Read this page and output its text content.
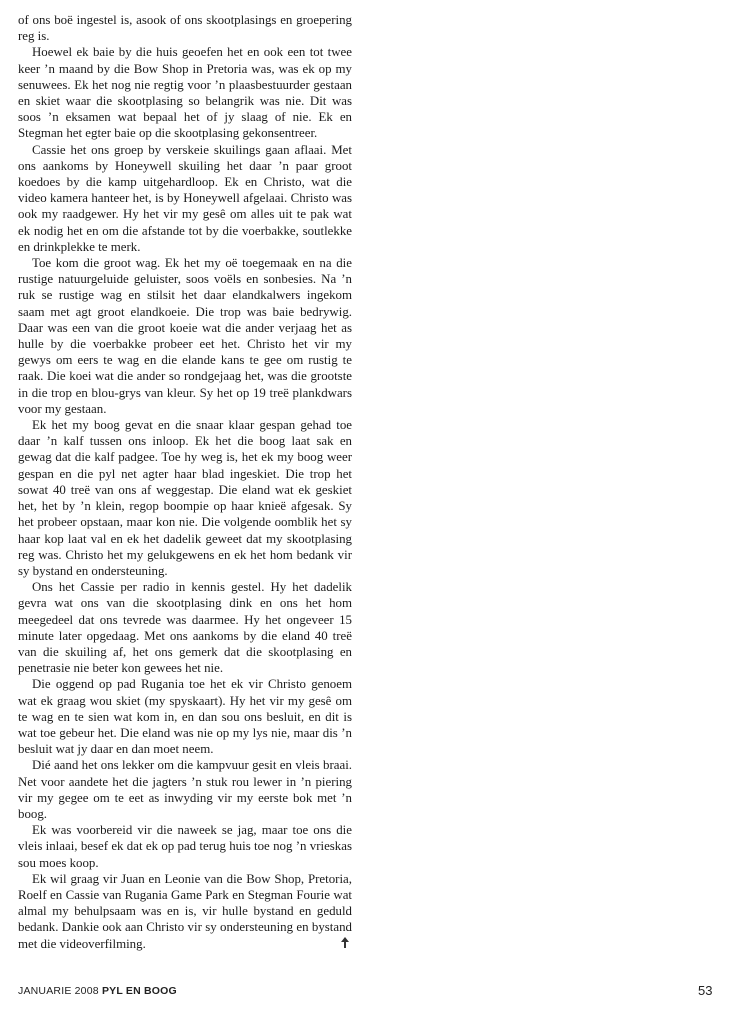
of ons boë ingestel is, asook of ons skootplasings en groepering reg is.

Hoewel ek baie by die huis geoefen het en ook een tot twee keer ’n maand by die Bow Shop in Pretoria was, was ek op my senuwees. Ek het nog nie regtig voor ’n plaasbestuurder gestaan en skiet waar die skootplasing so belangrik was nie. Dit was soos ’n eksamen wat bepaal het of jy slaag of nie. Ek en Stegman het egter baie op die skootplasing gekonsentreer.

Cassie het ons groep by verskeie skuilings gaan aflaai. Met ons aankoms by Honeywell skuiling het daar ’n paar groot koedoes by die kamp uitgehardloop. Ek en Christo, wat die video kamera hanteer het, is by Honeywell afgelaai. Christo was ook my raadgewer. Hy het vir my gesê om alles uit te pak wat ek nodig het en om die afstande tot by die voerbakke, soutlekke en drinkplekke te merk.

Toe kom die groot wag. Ek het my oë toegemaak en na die rustige natuurgeluide geluister, soos voëls en sonbesies. Na ’n ruk se rustige wag en stilsit het daar elandkalwers ingekom saam met agt groot elandkoeie. Die trop was baie bedrywig. Daar was een van die groot koeie wat die ander verjaag het as hulle by die voerbakke probeer eet het. Christo het vir my gewys om eers te wag en die elande kans te gee om rustig te raak. Die koei wat die ander so rondgejaag het, was die grootste in die trop en blou-grys van kleur. Sy het op 19 treë plankdwars voor my gestaan.

Ek het my boog gevat en die snaar klaar gespan gehad toe daar ’n kalf tussen ons inloop. Ek het die boog laat sak en gewag dat die kalf padgee. Toe hy weg is, het ek my boog weer gespan en die pyl net agter haar blad ingeskiet. Die trop het sowat 40 treë van ons af weggestap. Die eland wat ek geskiet het, het by ’n klein, regop boompie op haar knieë afgesak. Sy het probeer opstaan, maar kon nie. Die volgende oomblik het sy haar kop laat val en ek het dadelik geweet dat my skootplasing reg was. Christo het my gelukgewens en ek het hom bedank vir sy bystand en ondersteuning.

Ons het Cassie per radio in kennis gestel. Hy het dadelik gevra wat ons van die skootplasing dink en ons het hom meegedeel dat ons tevrede was daarmee. Hy het ongeveer 15 minute later opgedaag. Met ons aankoms by die eland 40 treë van die skuiling af, het ons gemerk dat die skootplasing en penetrasie nie beter kon gewees het nie.

Die oggend op pad Rugania toe het ek vir Christo genoem wat ek graag wou skiet (my spyskaart). Hy het vir my gesê om te wag en te sien wat kom in, en dan sou ons besluit, en dit is wat toe gebeur het. Die eland was nie op my lys nie, maar dis ’n besluit wat jy daar en dan moet neem.

Dié aand het ons lekker om die kampvuur gesit en vleis braai. Net voor aandete het die jagters ’n stuk rou lewer in ’n piering vir my gegee om te eet as inwyding vir my eerste bok met ’n boog.

Ek was voorbereid vir die naweek se jag, maar toe ons die vleis inlaai, besef ek dat ek op pad terug huis toe nog ’n vrieskas sou moes koop.

Ek wil graag vir Juan en Leonie van die Bow Shop, Pretoria, Roelf en Cassie van Rugania Game Park en Stegman Fourie wat almal my behulpsaam was en is, vir hulle bystand en geduld bedank. Dankie ook aan Christo vir sy ondersteuning en bystand met die videoverfilming.

JANUARIE 2008 PYL EN BOOG	53
